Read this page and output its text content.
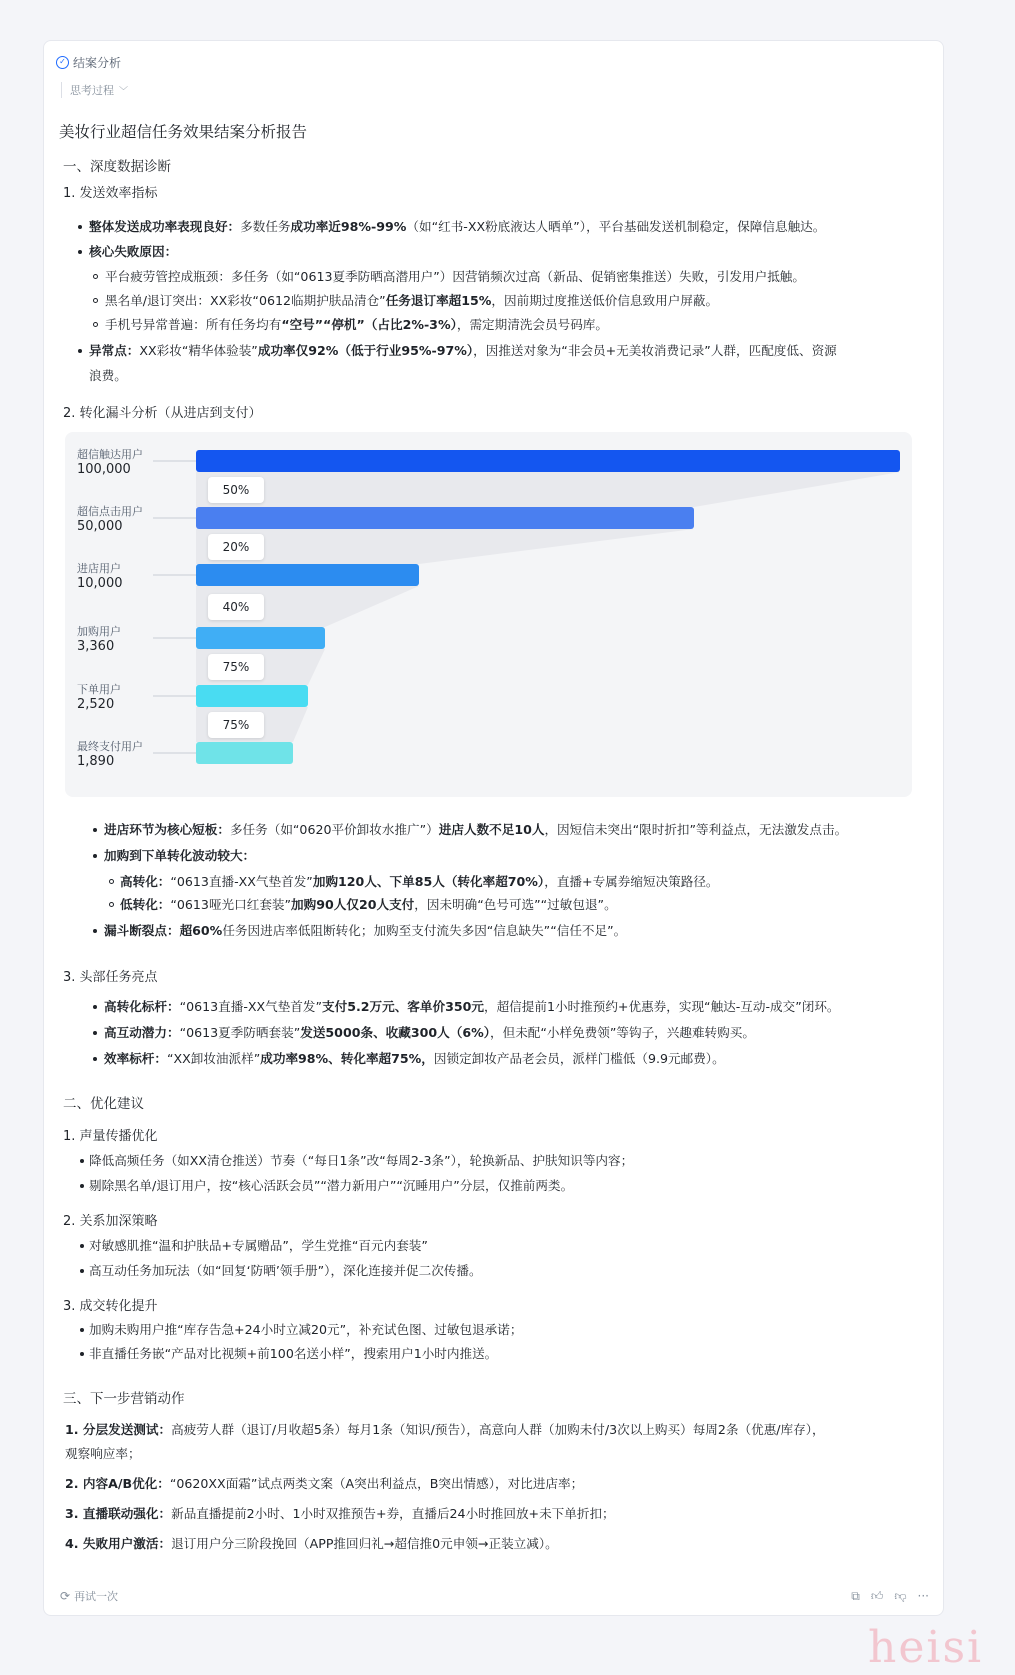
✓ 结案分析
思考过程 ﹀
美妆行业超信任务效果结案分析报告
一、深度数据诊断
1. 发送效率指标
整体发送成功率表现良好：多数任务成功率近98%-99%（如“红书-XX粉底液达人晒单”），平台基础发送机制稳定，保障信息触达。
核心失败原因：
平台疲劳管控成瓶颈：多任务（如“0613夏季防晒高潜用户”）因营销频次过高（新品、促销密集推送）失败，引发用户抵触。
黑名单/退订突出：XX彩妆“0612临期护肤品清仓”任务退订率超15%，因前期过度推送低价信息致用户屏蔽。
手机号异常普遍：所有任务均有“空号”“停机”（占比2%-3%），需定期清洗会员号码库。
异常点：XX彩妆“精华体验装”成功率仅92%（低于行业95%-97%），因推送对象为“非会员+无美妆消费记录”人群，匹配度低、资源
浪费。
2. 转化漏斗分析（从进店到支付）
超信触达用户
100,000
超信点击用户
50,000
进店用户
10,000
加购用户
3,360
下单用户
2,520
最终支付用户
1,890
50%
20%
40%
75%
75%
进店环节为核心短板：多任务（如“0620平价卸妆水推广”）进店人数不足10人，因短信未突出“限时折扣”等利益点，无法激发点击。
加购到下单转化波动较大：
高转化：“0613直播-XX气垫首发”加购120人、下单85人（转化率超70%），直播+专属券缩短决策路径。
低转化：“0613哑光口红套装”加购90人仅20人支付，因未明确“色号可选”“过敏包退”。
漏斗断裂点：超60%任务因进店率低阻断转化；加购至支付流失多因“信息缺失”“信任不足”。
3. 头部任务亮点
高转化标杆：“0613直播-XX气垫首发”支付5.2万元、客单价350元，超信提前1小时推预约+优惠券，实现“触达-互动-成交”闭环。
高互动潜力：“0613夏季防晒套装”发送5000条、收藏300人（6%），但未配“小样免费领”等钩子，兴趣难转购买。
效率标杆：“XX卸妆油派样”成功率98%、转化率超75%，因锁定卸妆产品老会员，派样门槛低（9.9元邮费）。
二、优化建议
1. 声量传播优化
降低高频任务（如XX清仓推送）节奏（“每日1条”改“每周2-3条”），轮换新品、护肤知识等内容；
剔除黑名单/退订用户，按“核心活跃会员”“潜力新用户”“沉睡用户”分层，仅推前两类。
2. 关系加深策略
对敏感肌推“温和护肤品+专属赠品”，学生党推“百元内套装”
高互动任务加玩法（如“回复‘防晒’领手册”），深化连接并促二次传播。
3. 成交转化提升
加购未购用户推“库存告急+24小时立减20元”，补充试色图、过敏包退承诺；
非直播任务嵌“产品对比视频+前100名送小样”，搜索用户1小时内推送。
三、下一步营销动作
1. 分层发送测试：高疲劳人群（退订/月收超5条）每月1条（知识/预告），高意向人群（加购未付/3次以上购买）每周2条（优惠/库存），
观察响应率；
2. 内容A/B优化：“0620XX面霜”试点两类文案（A突出利益点，B突出情感），对比进店率；
3. 直播联动强化：新品直播提前2小时、1小时双推预告+券，直播后24小时推回放+未下单折扣；
4. 失败用户激活：退订用户分三阶段挽回（APP推回归礼→超信推0元申领→正装立减）。
⟳ 再试一次	⧉ 👍︎ 👎︎ ···
heisi
